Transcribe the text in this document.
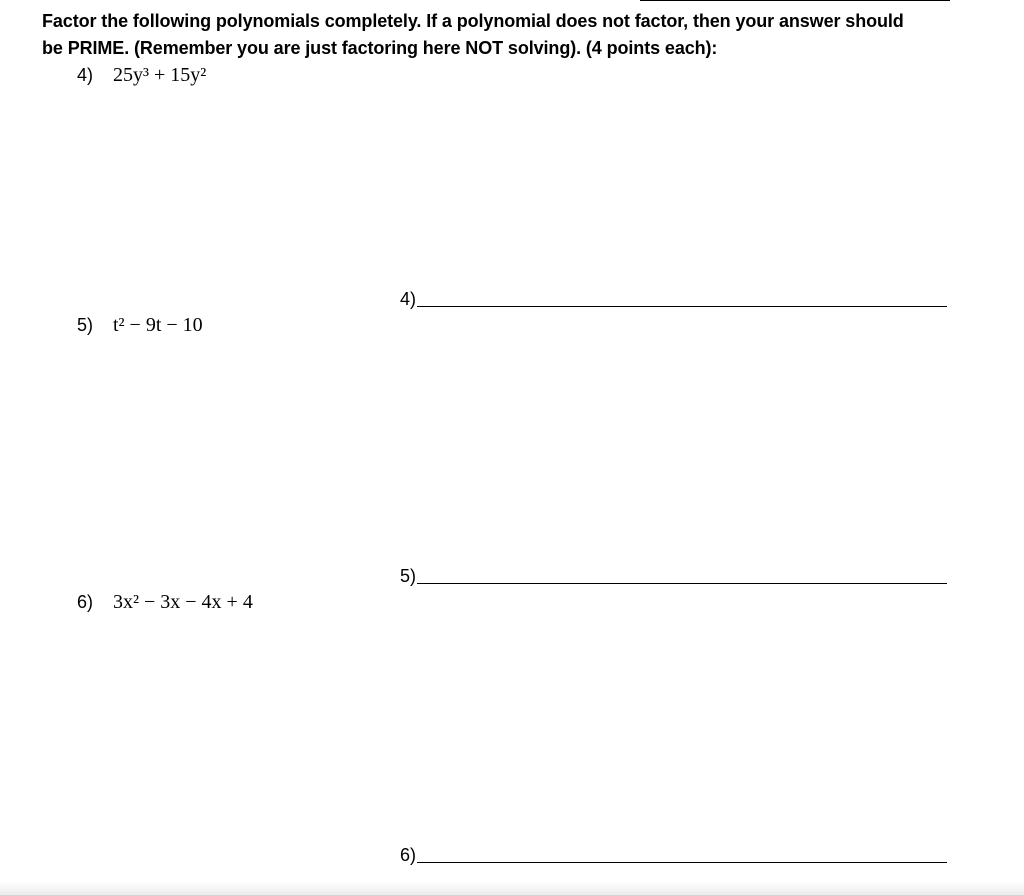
Factor the following polynomials completely. If a polynomial does not factor, then your answer should
be PRIME. (Remember you are just factoring here NOT solving). (4 points each):

4) 25y³ + 15y²
4)
5) t² − 9t − 10
5)
6) 3x² − 3x − 4x + 4
6)
